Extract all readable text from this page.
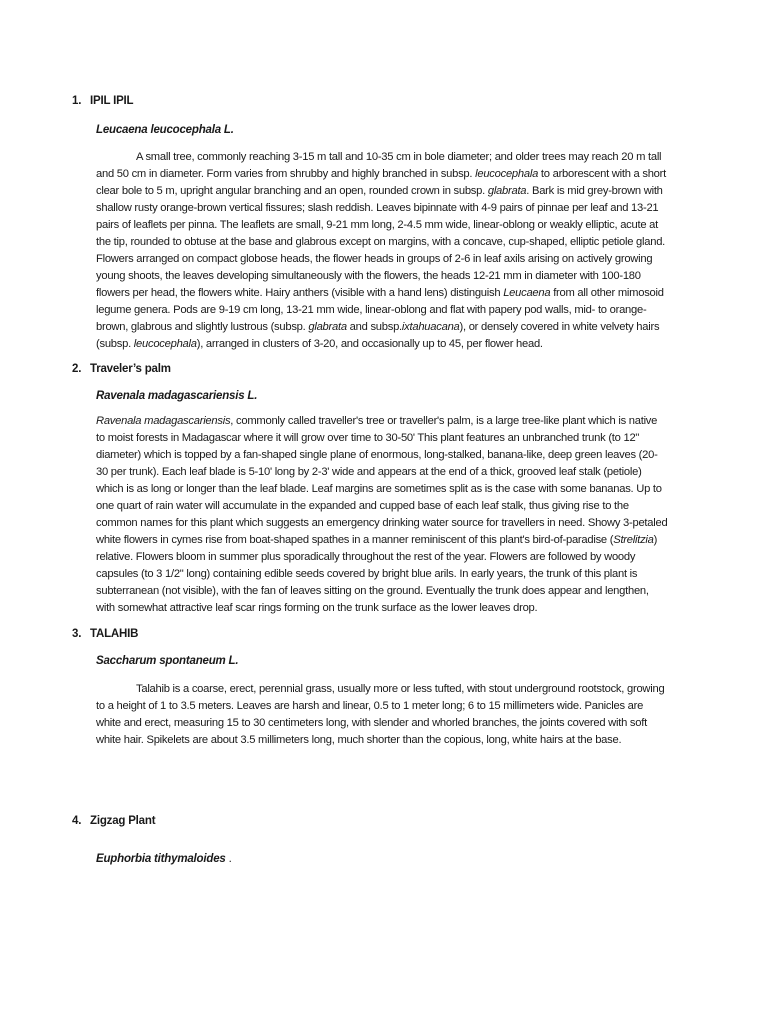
1. IPIL IPIL
Leucaena leucocephala L.
A small tree, commonly reaching 3-15 m tall and 10-35 cm in bole diameter; and older trees may reach 20 m tall
and 50 cm in diameter. Form varies from shrubby and highly branched in subsp. leucocephala to arborescent with a short
clear bole to 5 m, upright angular branching and an open, rounded crown in subsp. glabrata. Bark is mid grey-brown with
shallow rusty orange-brown vertical fissures; slash reddish. Leaves bipinnate with 4-9 pairs of pinnae per leaf and 13-21
pairs of leaflets per pinna. The leaflets are small, 9-21 mm long, 2-4.5 mm wide, linear-oblong or weakly elliptic, acute at
the tip, rounded to obtuse at the base and glabrous except on margins, with a concave, cup-shaped, elliptic petiole gland.
Flowers arranged on compact globose heads, the flower heads in groups of 2-6 in leaf axils arising on actively growing
young shoots, the leaves developing simultaneously with the flowers, the heads 12-21 mm in diameter with 100-180
flowers per head, the flowers white. Hairy anthers (visible with a hand lens) distinguish Leucaena from all other mimosoid
legume genera. Pods are 9-19 cm long, 13-21 mm wide, linear-oblong and flat with papery pod walls, mid- to orange-
brown, glabrous and slightly lustrous (subsp. glabrata and subsp.ixtahuacana), or densely covered in white velvety hairs
(subsp. leucocephala), arranged in clusters of 3-20, and occasionally up to 45, per flower head.
2. Traveler’s palm
Ravenala madagascariensis L.
Ravenala madagascariensis, commonly called traveller's tree or traveller's palm, is a large tree-like plant which is native
to moist forests in Madagascar where it will grow over time to 30-50' This plant features an unbranched trunk (to 12"
diameter) which is topped by a fan-shaped single plane of enormous, long-stalked, banana-like, deep green leaves (20-
30 per trunk). Each leaf blade is 5-10' long by 2-3' wide and appears at the end of a thick, grooved leaf stalk (petiole)
which is as long or longer than the leaf blade. Leaf margins are sometimes split as is the case with some bananas. Up to
one quart of rain water will accumulate in the expanded and cupped base of each leaf stalk, thus giving rise to the
common names for this plant which suggests an emergency drinking water source for travellers in need. Showy 3-petaled
white flowers in cymes rise from boat-shaped spathes in a manner reminiscent of this plant's bird-of-paradise (Strelitzia)
relative. Flowers bloom in summer plus sporadically throughout the rest of the year. Flowers are followed by woody
capsules (to 3 1/2" long) containing edible seeds covered by bright blue arils. In early years, the trunk of this plant is
subterranean (not visible), with the fan of leaves sitting on the ground. Eventually the trunk does appear and lengthen,
with somewhat attractive leaf scar rings forming on the trunk surface as the lower leaves drop.
3. TALAHIB
Saccharum spontaneum L.
Talahib is a coarse, erect, perennial grass, usually more or less tufted, with stout underground rootstock, growing
to a height of 1 to 3.5 meters. Leaves are harsh and linear, 0.5 to 1 meter long; 6 to 15 millimeters wide. Panicles are
white and erect, measuring 15 to 30 centimeters long, with slender and whorled branches, the joints covered with soft
white hair. Spikelets are about 3.5 millimeters long, much shorter than the copious, long, white hairs at the base.
4. Zigzag Plant
Euphorbia tithymaloides .
